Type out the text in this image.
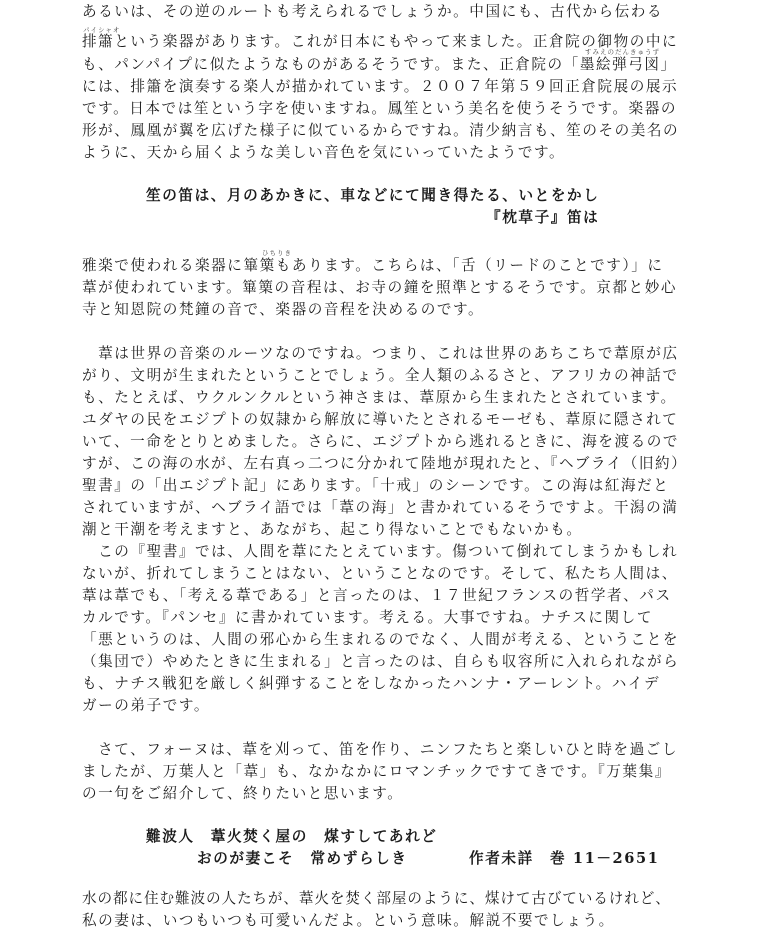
パイシャオ
すみえのだんきゅうず
ひちりき
あるいは、その逆のルートも考えられるでしょうか。中国にも、古代から伝わる
排簫という楽器があります。これが日本にもやって来ました。正倉院の御物の中に
も、パンパイプに似たようなものがあるそうです。また、正倉院の「墨絵弾弓図」
には、排簫を演奏する楽人が描かれています。２００７年第５９回正倉院展の展示
です。日本では笙という字を使いますね。鳳笙という美名を使うそうです。楽器の
形が、鳳凰が翼を広げた様子に似ているからですね。清少納言も、笙のその美名の
ように、天から届くような美しい音色を気にいっていたようです。
笙の笛は、月のあかきに、車などにて聞き得たる、いとをかし
『枕草子』笛は
雅楽で使われる楽器に篳篥もあります。こちらは、「舌（リードのことです）」に
葦が使われています。篳篥の音程は、お寺の鐘を照準とするそうです。京都と妙心
寺と知恩院の梵鐘の音で、楽器の音程を決めるのです。
　葦は世界の音楽のルーツなのですね。つまり、これは世界のあちこちで葦原が広
がり、文明が生まれたということでしょう。全人類のふるさと、アフリカの神話で
も、たとえば、ウクルンクルという神さまは、葦原から生まれたとされています。
ユダヤの民をエジプトの奴隷から解放に導いたとされるモーゼも、葦原に隠されて
いて、一命をとりとめました。さらに、エジプトから逃れるときに、海を渡るので
すが、この海の水が、左右真っ二つに分かれて陸地が現れたと、『ヘブライ（旧約）
聖書』の「出エジプト記」にあります。「十戒」のシーンです。この海は紅海だと
されていますが、ヘブライ語では「葦の海」と書かれているそうですよ。干潟の満
潮と干潮を考えますと、あながち、起こり得ないことでもないかも。
　この『聖書』では、人間を葦にたとえています。傷ついて倒れてしまうかもしれ
ないが、折れてしまうことはない、ということなのです。そして、私たち人間は、
葦は葦でも、「考える葦である」と言ったのは、１７世紀フランスの哲学者、パス
カルです。『パンセ』に書かれています。考える。大事ですね。ナチスに関して
「悪というのは、人間の邪心から生まれるのでなく、人間が考える、ということを
（集団で）やめたときに生まれる」と言ったのは、自らも収容所に入れられながら
も、ナチス戦犯を厳しく糾弾することをしなかったハンナ・アーレント。ハイデ
ガーの弟子です。
　さて、フォーヌは、葦を刈って、笛を作り、ニンフたちと楽しいひと時を過ごし
ましたが、万葉人と「葦」も、なかなかにロマンチックですてきです。『万葉集』
の一句をご紹介して、終りたいと思います。
難波人　葦火焚く屋の　煤すしてあれど
おのが妻こそ　常めずらしき	作者未詳　巻 11－2651
水の都に住む難波の人たちが、葦火を焚く部屋のように、煤けて古びているけれど、
私の妻は、いつもいつも可愛いんだよ。という意味。解説不要でしょう。
